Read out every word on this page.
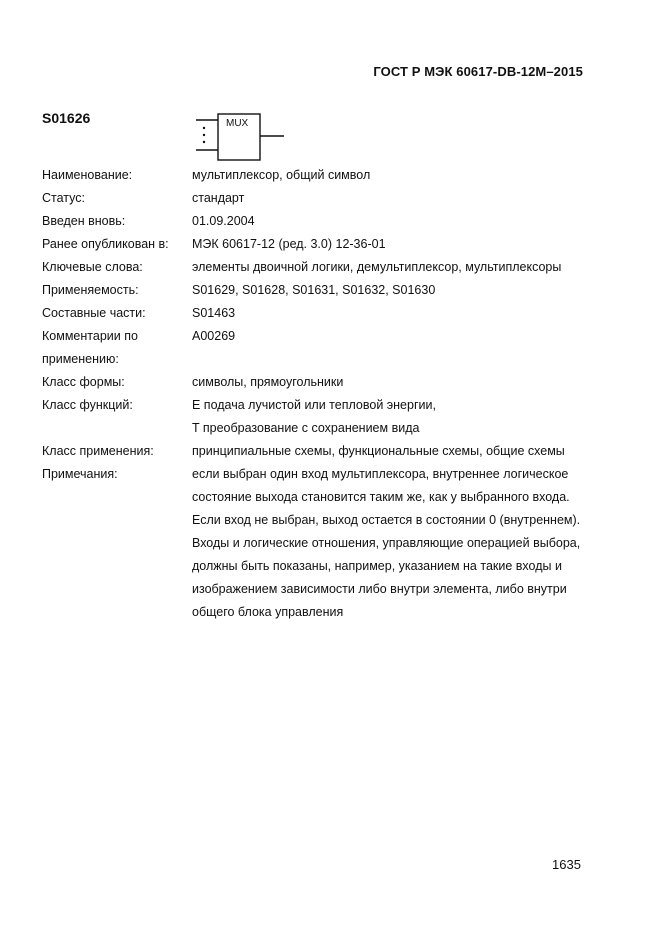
ГОСТ Р МЭК 60617-DB-12M–2015
S01626	MUX
Наименование:	мультиплексор, общий символ
Статус:	стандарт
Введен вновь:	01.09.2004
Ранее опубликован в:	МЭК 60617-12 (ред. 3.0) 12-36-01
Ключевые слова:	элементы двоичной логики, демультиплексор, мультиплексоры
Применяемость:	S01629, S01628, S01631, S01632, S01630
Составные части:	S01463
Комментарии по
применению:
A00269
Класс формы:	символы, прямоугольники
Класс функций:	E подача лучистой или тепловой энергии,
T преобразование с сохранением вида
Класс применения:	принципиальные схемы, функциональные схемы, общие схемы
Примечания:	если выбран один вход мультиплексора, внутреннее логическое
состояние выхода становится таким же, как у выбранного входа.
Если вход не выбран, выход остается в состоянии 0 (внутреннем).
Входы и логические отношения, управляющие операцией выбора,
должны быть показаны, например, указанием на такие входы и
изображением зависимости либо внутри элемента, либо внутри
общего блока управления
1635
